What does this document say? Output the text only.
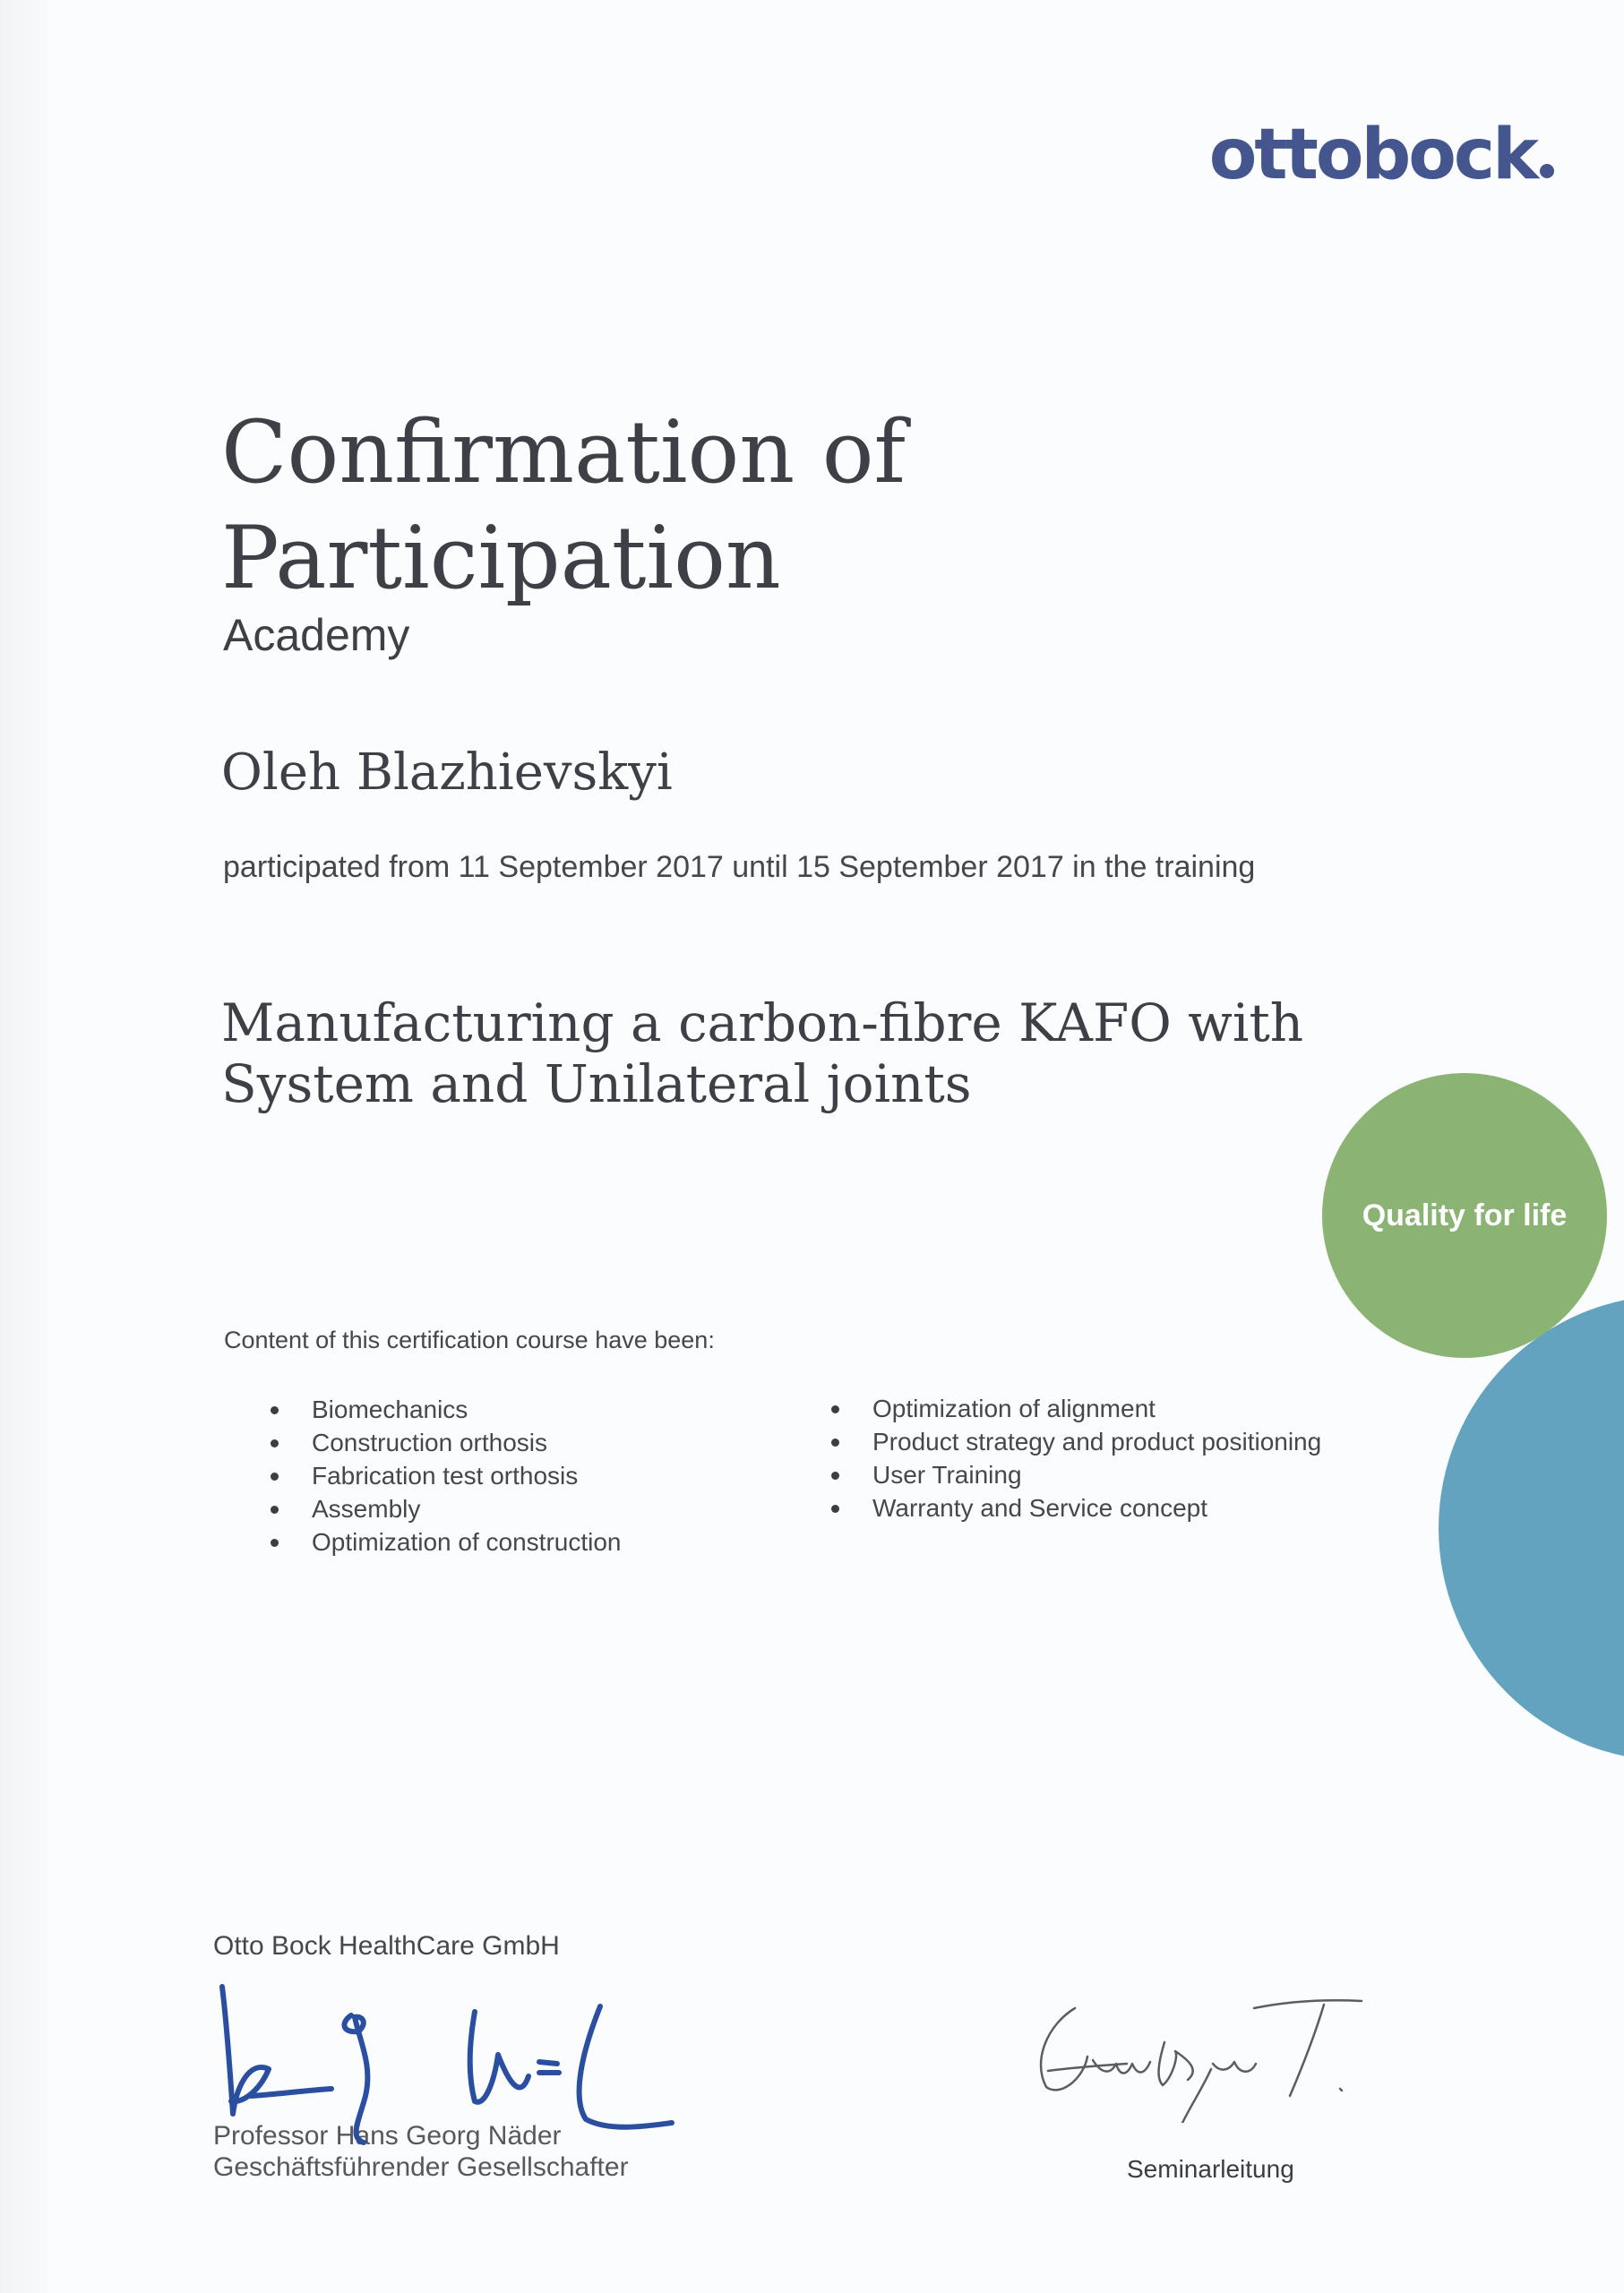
ottobock
Confirmation of
Participation
Academy
Oleh Blazhievskyi
participated from 11 September 2017 until 15 September 2017 in the training
Manufacturing a carbon-fibre KAFO with
System and Unilateral joints
Quality for life
Content of this certification course have been:
Biomechanics
Construction orthosis
Fabrication test orthosis
Assembly
Optimization of construction
Optimization of alignment
Product strategy and product positioning
User Training
Warranty and Service concept
Otto Bock HealthCare GmbH
Professor Hans Georg Näder
Geschäftsführender Gesellschafter	Seminarleitung
